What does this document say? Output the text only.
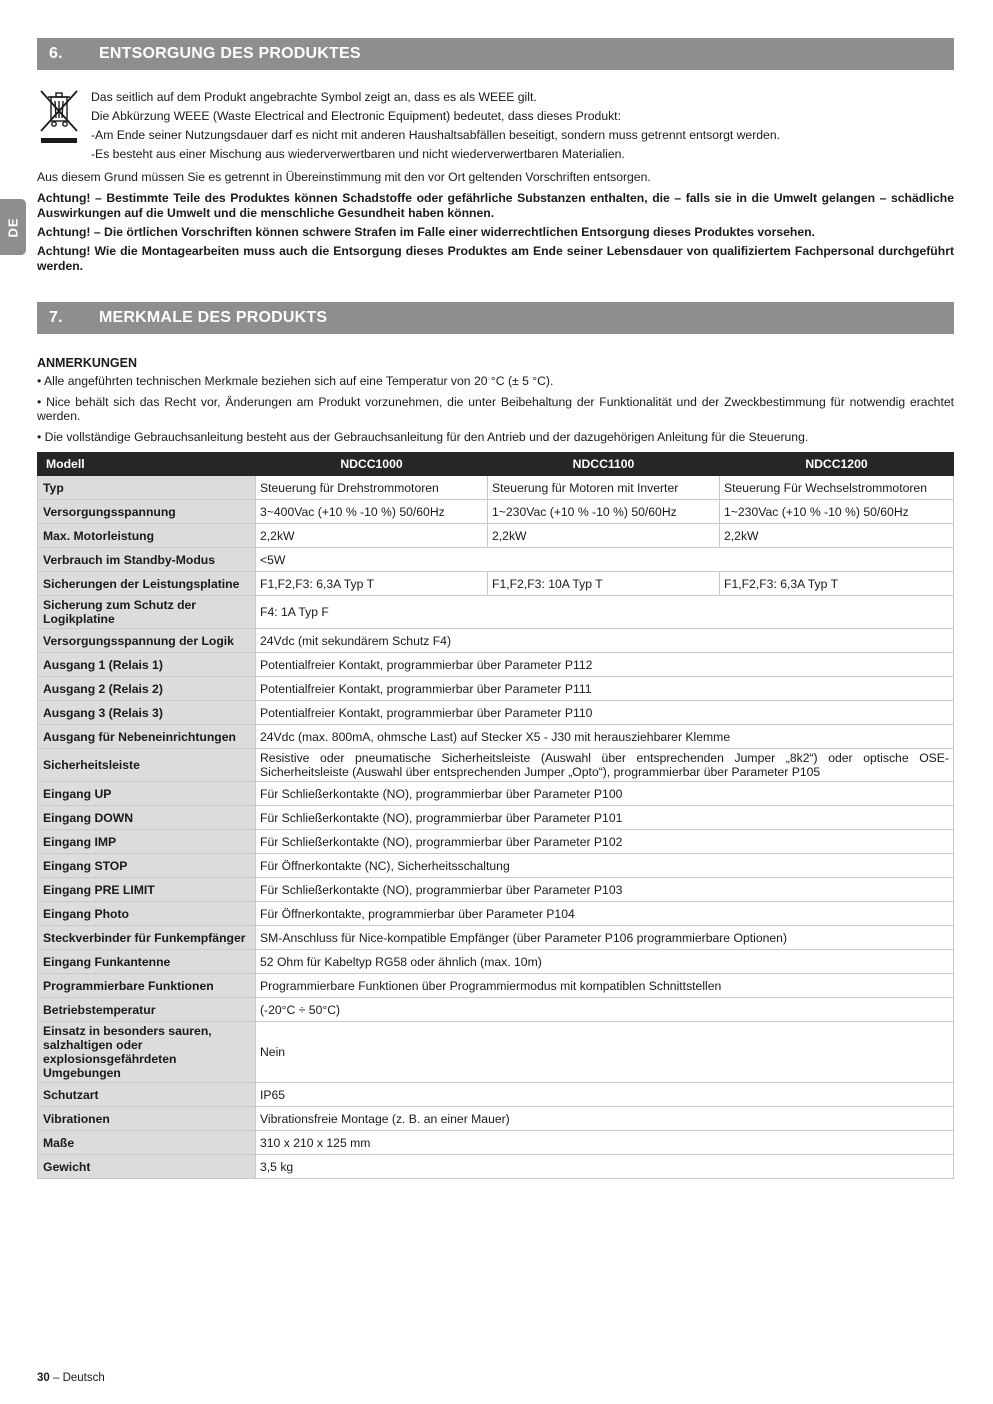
DE
6.	ENTSORGUNG DES PRODUKTES

Das seitlich auf dem Produkt angebrachte Symbol zeigt an, dass es als WEEE gilt.

Die Abkürzung WEEE (Waste Electrical and Electronic Equipment) bedeutet, dass dieses Produkt:

-Am Ende seiner Nutzungsdauer darf es nicht mit anderen Haushaltsabfällen beseitigt, sondern muss getrennt entsorgt werden.

-Es besteht aus einer Mischung aus wiederverwertbaren und nicht wiederverwertbaren Materialien.

Aus diesem Grund müssen Sie es getrennt in Übereinstimmung mit den vor Ort geltenden Vorschriften entsorgen.

Achtung! – Bestimmte Teile des Produktes können Schadstoffe oder gefährliche Substanzen enthalten, die – falls sie in die Umwelt gelangen – schädliche Auswirkungen auf die Umwelt und die menschliche Gesundheit haben können.

Achtung! – Die örtlichen Vorschriften können schwere Strafen im Falle einer widerrechtlichen Entsorgung dieses Produktes vorsehen.

Achtung! Wie die Montagearbeiten muss auch die Entsorgung dieses Produktes am Ende seiner Lebensdauer von qualifiziertem Fachpersonal durchgeführt werden.

7.	MERKMALE DES PRODUKTS
ANMERKUNGEN

• Alle angeführten technischen Merkmale beziehen sich auf eine Temperatur von 20 °C (± 5 °C).

• Nice behält sich das Recht vor, Änderungen am Produkt vorzunehmen, die unter Beibehaltung der Funktionalität und der Zweckbestimmung für notwendig erachtet werden.

• Die vollständige Gebrauchsanleitung besteht aus der Gebrauchsanleitung für den Antrieb und der dazugehörigen Anleitung für die Steuerung.

Modell	NDCC1000	NDCC1100	NDCC1200
Typ	Steuerung für Drehstrommotoren	Steuerung für Motoren mit Inverter	Steuerung Für Wechselstrommotoren
Versorgungsspannung	3~400Vac (+10 % -10 %) 50/60Hz	1~230Vac (+10 % -10 %) 50/60Hz	1~230Vac (+10 % -10 %) 50/60Hz
Max. Motorleistung	2,2kW	2,2kW	2,2kW
Verbrauch im Standby-Modus	<5W		
Sicherungen der Leistungsplatine	F1,F2,F3: 6,3A Typ T	F1,F2,F3: 10A Typ T	F1,F2,F3: 6,3A Typ T
Sicherung zum Schutz der Logikplatine	F4: 1A Typ F		
Versorgungsspannung der Logik	24Vdc (mit sekundärem Schutz F4)		
Ausgang 1 (Relais 1)	Potentialfreier Kontakt, programmierbar über Parameter P112		
Ausgang 2 (Relais 2)	Potentialfreier Kontakt, programmierbar über Parameter P111		
Ausgang 3 (Relais 3)	Potentialfreier Kontakt, programmierbar über Parameter P110		
Ausgang für Nebeneinrichtungen	24Vdc (max. 800mA, ohmsche Last) auf Stecker X5 - J30 mit herausziehbarer Klemme		
Sicherheitsleiste	Resistive oder pneumatische Sicherheitsleiste (Auswahl über entsprechenden Jumper „8k2“) oder optische OSE-Sicherheitsleiste (Auswahl über entsprechenden Jumper „Opto“), programmierbar über Parameter P105		
Eingang UP	Für Schließerkontakte (NO), programmierbar über Parameter P100		
Eingang DOWN	Für Schließerkontakte (NO), programmierbar über Parameter P101		
Eingang IMP	Für Schließerkontakte (NO), programmierbar über Parameter P102		
Eingang STOP	Für Öffnerkontakte (NC), Sicherheitsschaltung		
Eingang PRE LIMIT	Für Schließerkontakte (NO), programmierbar über Parameter P103		
Eingang Photo	Für Öffnerkontakte, programmierbar über Parameter P104		
Steckverbinder für Funkempfänger	SM-Anschluss für Nice-kompatible Empfänger (über Parameter P106 programmierbare Optionen)		
Eingang Funkantenne	52 Ohm für Kabeltyp RG58 oder ähnlich (max. 10m)		
Programmierbare Funktionen	Programmierbare Funktionen über Programmiermodus mit kompatiblen Schnittstellen		
Betriebstemperatur	(-20°C ÷ 50°C)		
Einsatz in besonders sauren, salzhaltigen oder explosionsgefährdeten Umgebungen	Nein		
Schutzart	IP65		
Vibrationen	Vibrationsfreie Montage (z. B. an einer Mauer)		
Maße	310 x 210 x 125 mm		
Gewicht	3,5 kg		
30 – Deutsch
